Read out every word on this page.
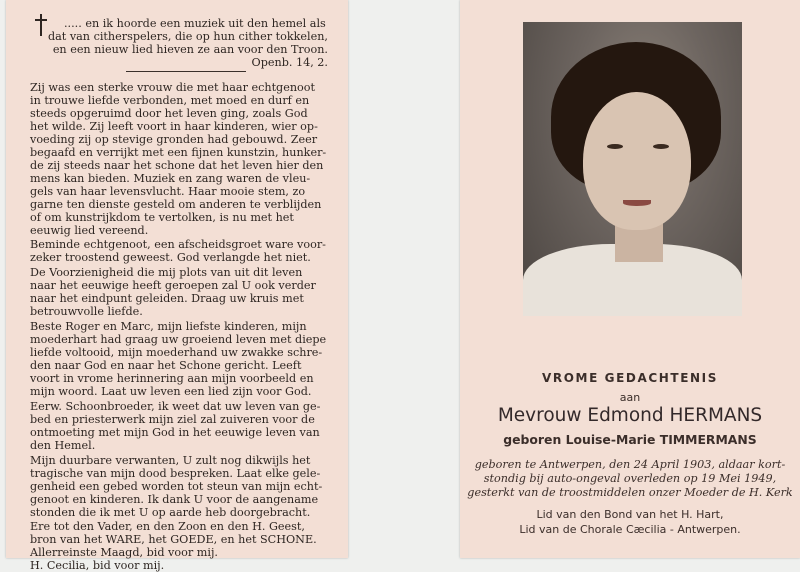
..... en ik hoorde een muziek uit den hemel als
dat van citherspelers, die op hun cither tokkelen,
en een nieuw lied hieven ze aan voor den Troon.
Openb. 14, 2.
Zij was een sterke vrouw die met haar echtgenoot
in trouwe liefde verbonden, met moed en durf en
steeds opgeruimd door het leven ging, zoals God
het wilde. Zij leeft voort in haar kinderen, wier op-
voeding zij op stevige gronden had gebouwd. Zeer
begaafd en verrijkt met een fijnen kunstzin, hunker-
de zij steeds naar het schone dat het leven hier den
mens kan bieden. Muziek en zang waren de vleu-
gels van haar levensvlucht. Haar mooie stem, zo
garne ten dienste gesteld om anderen te verblijden
of om kunstrijkdom te vertolken, is nu met het
eeuwig lied vereend.
Beminde echtgenoot, een afscheidsgroet ware voor-
zeker troostend geweest. God verlangde het niet.
De Voorzienigheid die mij plots van uit dit leven
naar het eeuwige heeft geroepen zal U ook verder
naar het eindpunt geleiden. Draag uw kruis met
betrouwvolle liefde.
Beste Roger en Marc, mijn liefste kinderen, mijn
moederhart had graag uw groeiend leven met diepe
liefde voltooid, mijn moederhand uw zwakke schre-
den naar God en naar het Schone gericht. Leeft
voort in vrome herinnering aan mijn voorbeeld en
mijn woord. Laat uw leven een lied zijn voor God.
Eerw. Schoonbroeder, ik weet dat uw leven van ge-
bed en priesterwerk mijn ziel zal zuiveren voor de
ontmoeting met mijn God in het eeuwige leven van
den Hemel.
Mijn duurbare verwanten, U zult nog dikwijls het
tragische van mijn dood bespreken. Laat elke gele-
genheid een gebed worden tot steun van mijn echt-
genoot en kinderen. Ik dank U voor de aangename
stonden die ik met U op aarde heb doorgebracht.
Ere tot den Vader, en den Zoon en den H. Geest,
bron van het WARE, het GOEDE, en het SCHONE.
Allerreinste Maagd, bid voor mij.
H. Cecilia, bid voor mij.
VROME GEDACHTENIS
aan
Mevrouw Edmond HERMANS
geboren Louise-Marie TIMMERMANS
geboren te Antwerpen, den 24 April 1903, aldaar kort-
stondig bij auto-ongeval overleden op 19 Mei 1949,
gesterkt van de troostmiddelen onzer Moeder de H. Kerk
Lid van den Bond van het H. Hart,
Lid van de Chorale Cæcilia - Antwerpen.
